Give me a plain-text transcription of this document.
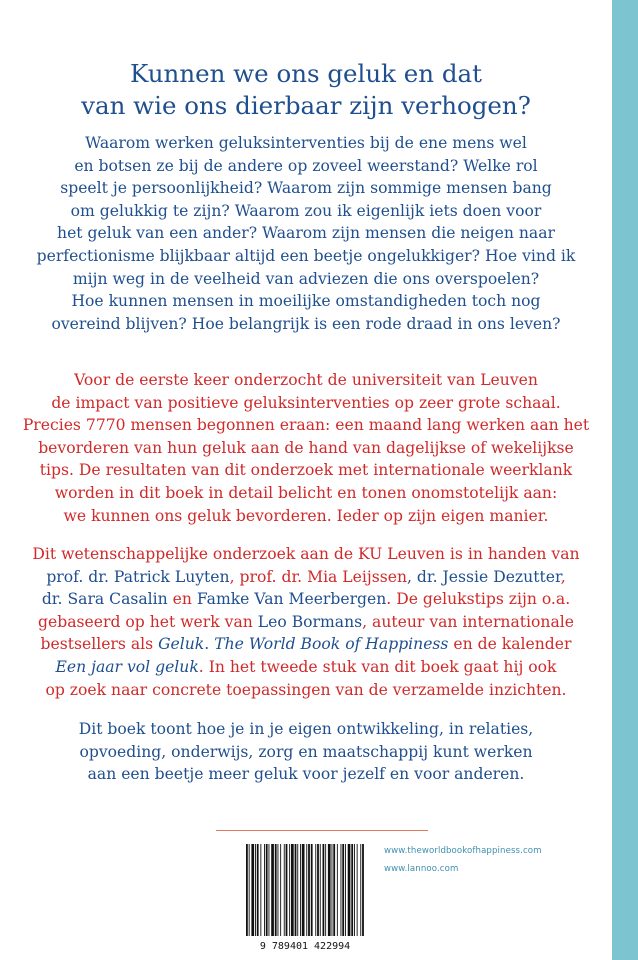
Kunnen we ons geluk en dat
van wie ons dierbaar zijn verhogen?

Waarom werken geluksinterventies bij de ene mens wel
en botsen ze bij de andere op zoveel weerstand? Welke rol
speelt je persoonlijkheid? Waarom zijn sommige mensen bang
om gelukkig te zijn? Waarom zou ik eigenlijk iets doen voor
het geluk van een ander? Waarom zijn mensen die neigen naar
perfectionisme blijkbaar altijd een beetje ongelukkiger? Hoe vind ik
mijn weg in de veelheid van adviezen die ons overspoelen?
Hoe kunnen mensen in moeilijke omstandigheden toch nog
overeind blijven? Hoe belangrijk is een rode draad in ons leven?

Voor de eerste keer onderzocht de universiteit van Leuven
de impact van positieve geluksinterventies op zeer grote schaal.
Precies 7770 mensen begonnen eraan: een maand lang werken aan het
bevorderen van hun geluk aan de hand van dagelijkse of wekelijkse
tips. De resultaten van dit onderzoek met internationale weerklank
worden in dit boek in detail belicht en tonen onomstotelijk aan:
we kunnen ons geluk bevorderen. Ieder op zijn eigen manier.

Dit wetenschappelijke onderzoek aan de KU Leuven is in handen van
prof. dr. Patrick Luyten, prof. dr. Mia Leijssen, dr. Jessie Dezutter,
dr. Sara Casalin en Famke Van Meerbergen. De gelukstips zijn o.a.
gebaseerd op het werk van Leo Bormans, auteur van internationale
bestsellers als Geluk. The World Book of Happiness en de kalender
Een jaar vol geluk. In het tweede stuk van dit boek gaat hij ook
op zoek naar concrete toepassingen van de verzamelde inzichten.

Dit boek toont hoe je in je eigen ontwikkeling, in relaties,
opvoeding, onderwijs, zorg en maatschappij kunt werken
aan een beetje meer geluk voor jezelf en voor anderen.

9 789401 422994
www.theworldbookofhappiness.com
www.lannoo.com
